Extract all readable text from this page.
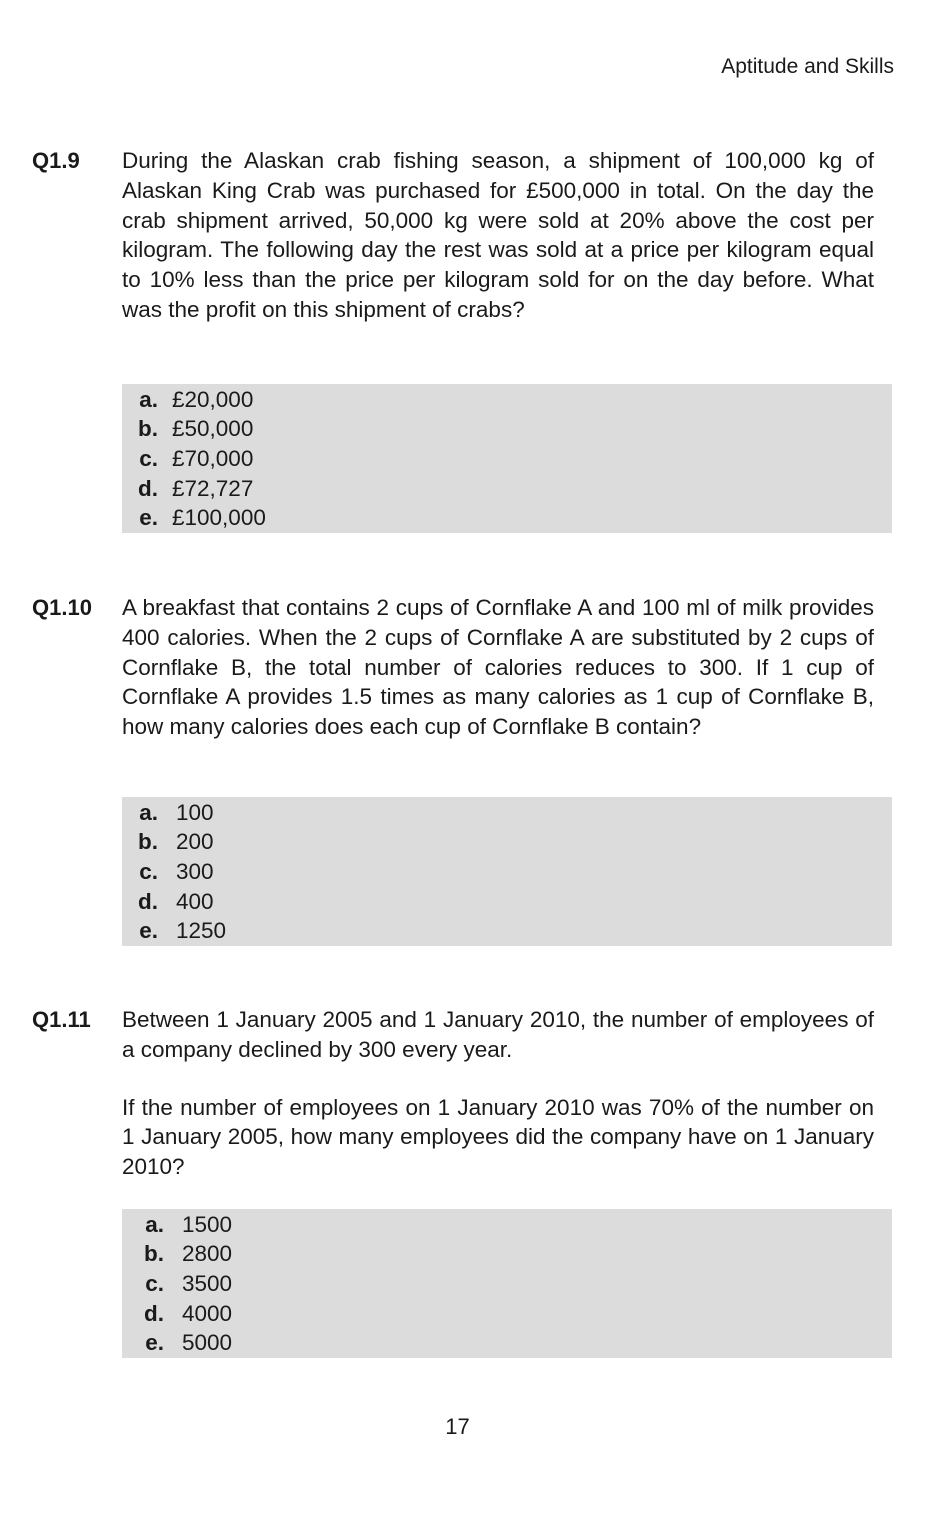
Aptitude and Skills
Q1.9 During the Alaskan crab fishing season, a shipment of 100,000 kg of Alaskan King Crab was purchased for £500,000 in total. On the day the crab shipment arrived, 50,000 kg were sold at 20% above the cost per kilogram. The following day the rest was sold at a price per kilogram equal to 10% less than the price per kilogram sold for on the day before. What was the profit on this shipment of crabs?

a. £20,000
b. £50,000
c. £70,000
d. £72,727
e. £100,000
Q1.10 A breakfast that contains 2 cups of Cornflake A and 100 ml of milk provides 400 calories. When the 2 cups of Cornflake A are substituted by 2 cups of Cornflake B, the total number of calories reduces to 300. If 1 cup of Cornflake A provides 1.5 times as many calories as 1 cup of Cornflake B, how many calories does each cup of Cornflake B contain?

a. 100
b. 200
c. 300
d. 400
e. 1250
Q1.11 Between 1 January 2005 and 1 January 2010, the number of employees of a company declined by 300 every year.

If the number of employees on 1 January 2010 was 70% of the number on 1 January 2005, how many employees did the company have on 1 January 2010?

a. 1500
b. 2800
c. 3500
d. 4000
e. 5000
17
